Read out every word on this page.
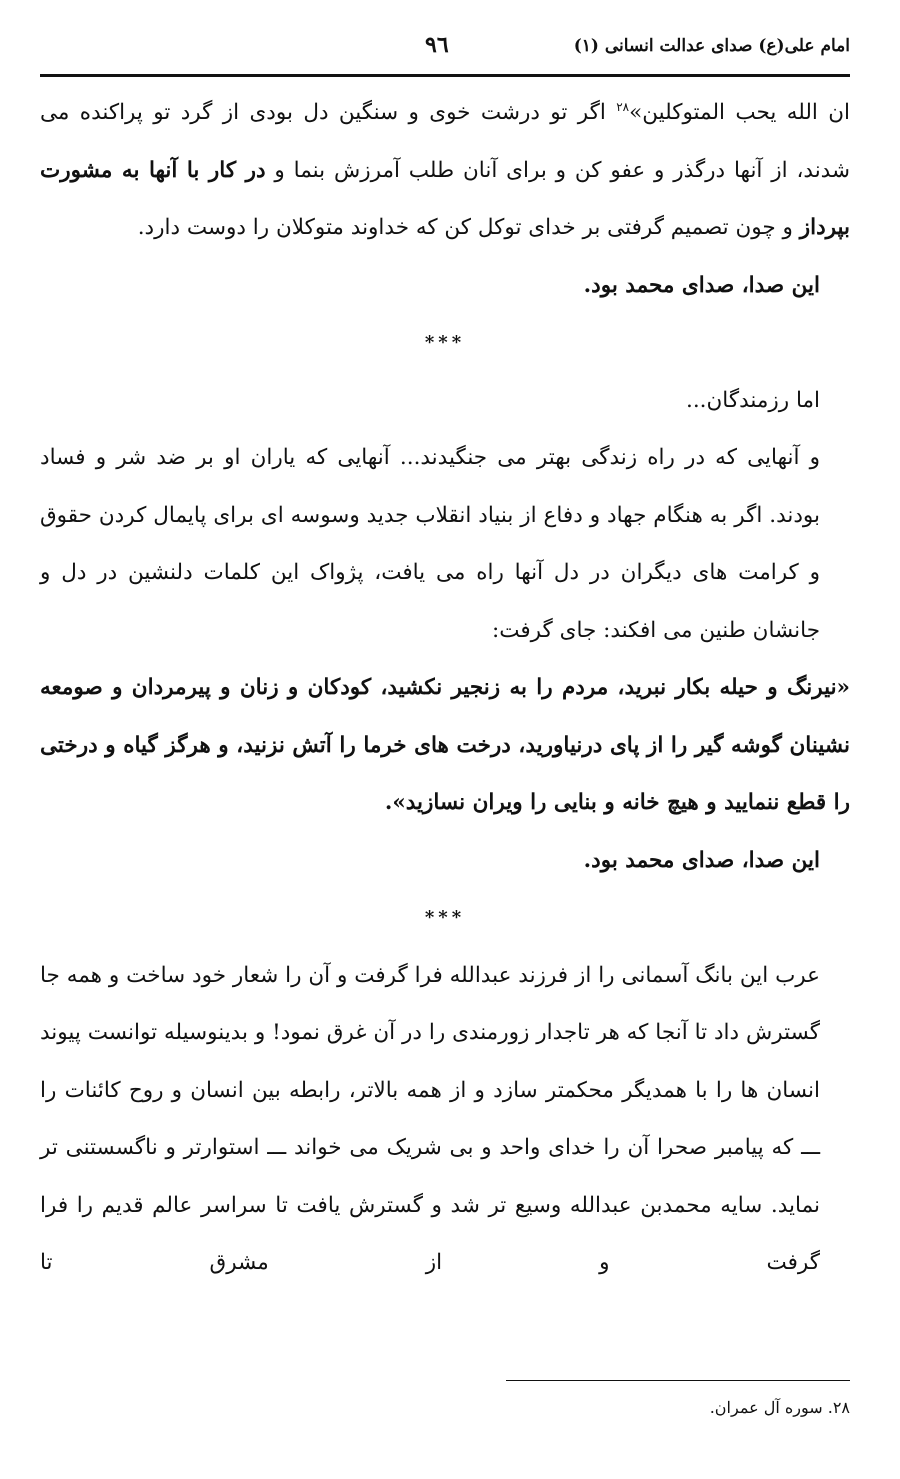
امام علی(ع) صدای عدالت انسانی (١)
٩٦

ان الله یحب المتوکلین»$^{٢٨}$ اگر تو درشت خوی و سنگین دل بودی از گرد تو پراکنده می شدند، از آنها درگذر و عفو کن و برای آنان طلب آمرزش بنما و در کار با آنها به مشورت بپرداز و چون تصمیم گرفتی بر خدای توکل کن که خداوند متوکلان را دوست دارد.

این صدا، صدای محمد بود.

***

اما رزمندگان...

و آنهایی که در راه زندگی بهتر می جنگیدند... آنهایی که یاران او بر ضد شر و فساد بودند. اگر به هنگام جهاد و دفاع از بنیاد انقلاب جدید وسوسه ای برای پایمال کردن حقوق و کرامت های دیگران در دل آنها راه می یافت، پژواک این کلمات دلنشین در دل و جانشان طنین می افکند: جای گرفت:

«نیرنگ و حیله بکار نبرید، مردم را به زنجیر نکشید، کودکان و زنان و پیرمردان و صومعه نشینان گوشه گیر را از پای درنیاورید، درخت های خرما را آتش نزنید، و هرگز گیاه و درختی را قطع ننمایید و هیچ خانه و بنایی را ویران نسازید».

این صدا، صدای محمد بود.

***

عرب این بانگ آسمانی را از فرزند عبدالله فرا گرفت و آن را شعار خود ساخت و همه جا گسترش داد تا آنجا که هر تاجدار زورمندی را در آن غرق نمود! و بدینوسیله توانست پیوند انسان ها را با همدیگر محکمتر سازد و از همه بالاتر، رابطه بین انسان و روح کائنات را ـــ که پیامبر صحرا آن را خدای واحد و بی شریک می خواند ـــ استوارتر و ناگسستنی تر نماید. سایه محمدبن عبدالله وسیع تر شد و گسترش یافت تا سراسر عالم قدیم را فرا گرفت و از مشرق تا

٢٨. سوره آل عمران.
